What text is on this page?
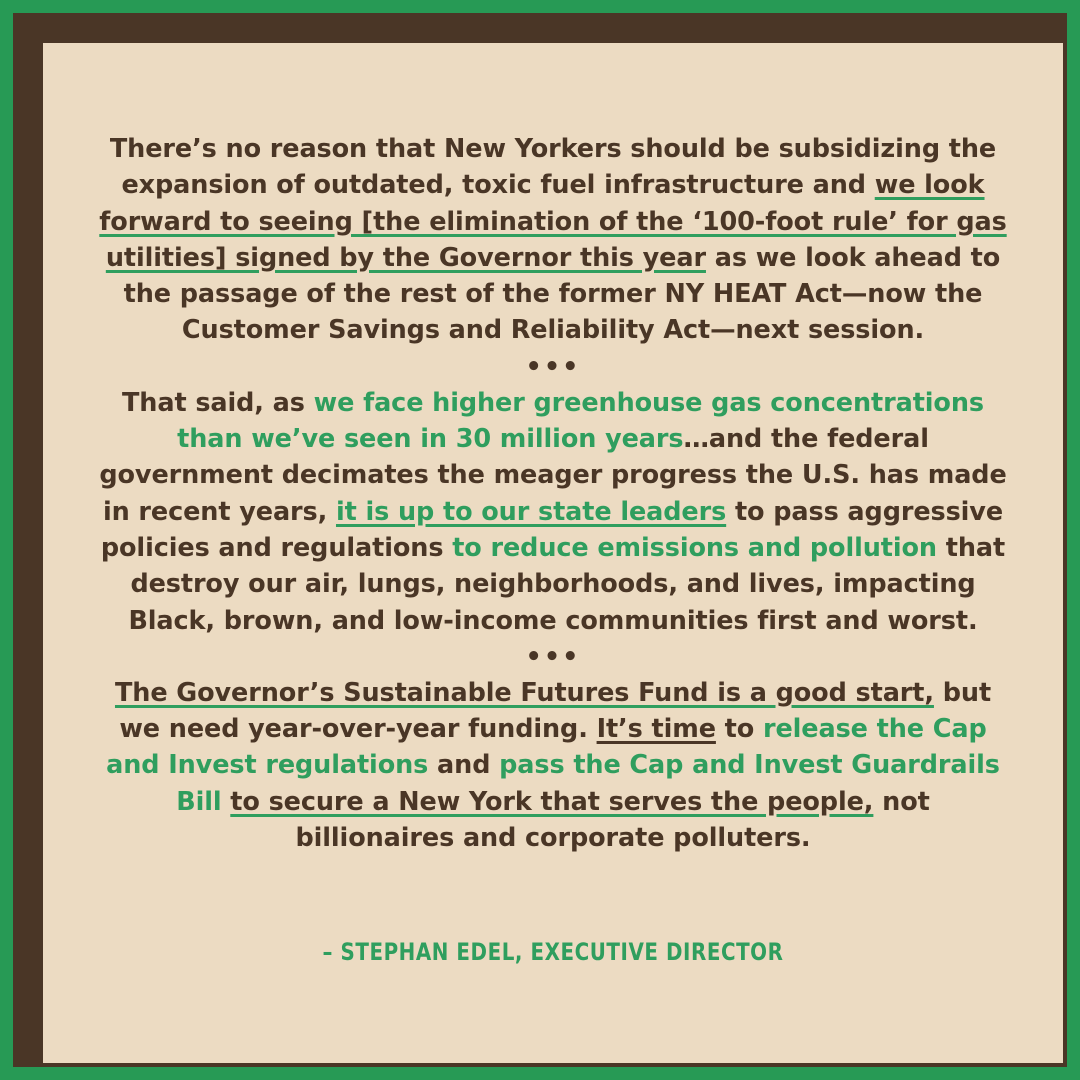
There’s no reason that New Yorkers should be subsidizing the expansion of outdated, toxic fuel infrastructure and we look forward to seeing [the elimination of the ‘100-foot rule’ for gas utilities] signed by the Governor this year as we look ahead to the passage of the rest of the former NY HEAT Act—now the Customer Savings and Reliability Act—next session.

•••

That said, as we face higher greenhouse gas concentrations than we’ve seen in 30 million years…and the federal government decimates the meager progress the U.S. has made in recent years, it is up to our state leaders to pass aggressive policies and regulations to reduce emissions and pollution that destroy our air, lungs, neighborhoods, and lives, impacting Black, brown, and low-income communities first and worst.

•••

The Governor’s Sustainable Futures Fund is a good start, but we need year-over-year funding. It’s time to release the Cap and Invest regulations and pass the Cap and Invest Guardrails Bill to secure a New York that serves the people, not billionaires and corporate polluters.

– STEPHAN EDEL, EXECUTIVE DIRECTOR
